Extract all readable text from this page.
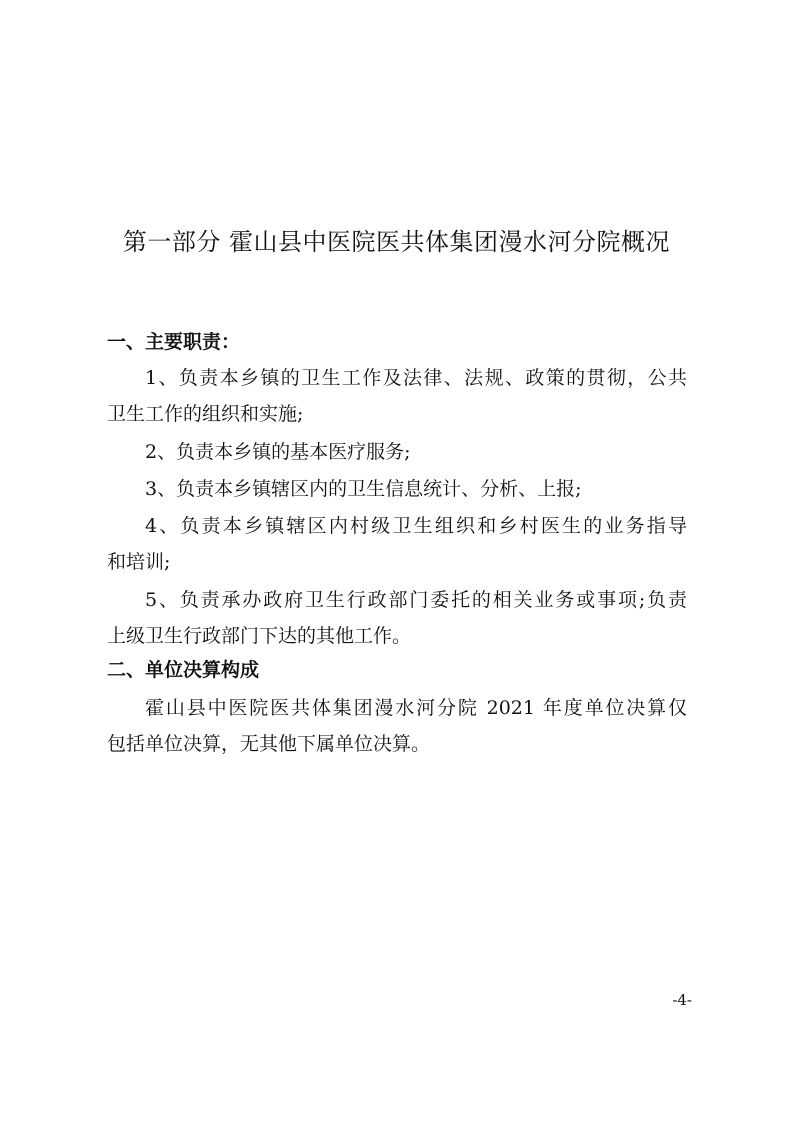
第一部分 霍山县中医院医共体集团漫水河分院概况
一、主要职责：
1、负责本乡镇的卫生工作及法律、法规、政策的贯彻，公共
卫生工作的组织和实施;
2、负责本乡镇的基本医疗服务;
3、负责本乡镇辖区内的卫生信息统计、分析、上报;
4、负责本乡镇辖区内村级卫生组织和乡村医生的业务指导
和培训;
5、负责承办政府卫生行政部门委托的相关业务或事项;负责
上级卫生行政部门下达的其他工作。
二、单位决算构成
霍山县中医院医共体集团漫水河分院 2021 年度单位决算仅
包括单位决算，无其他下属单位决算。
-4-
